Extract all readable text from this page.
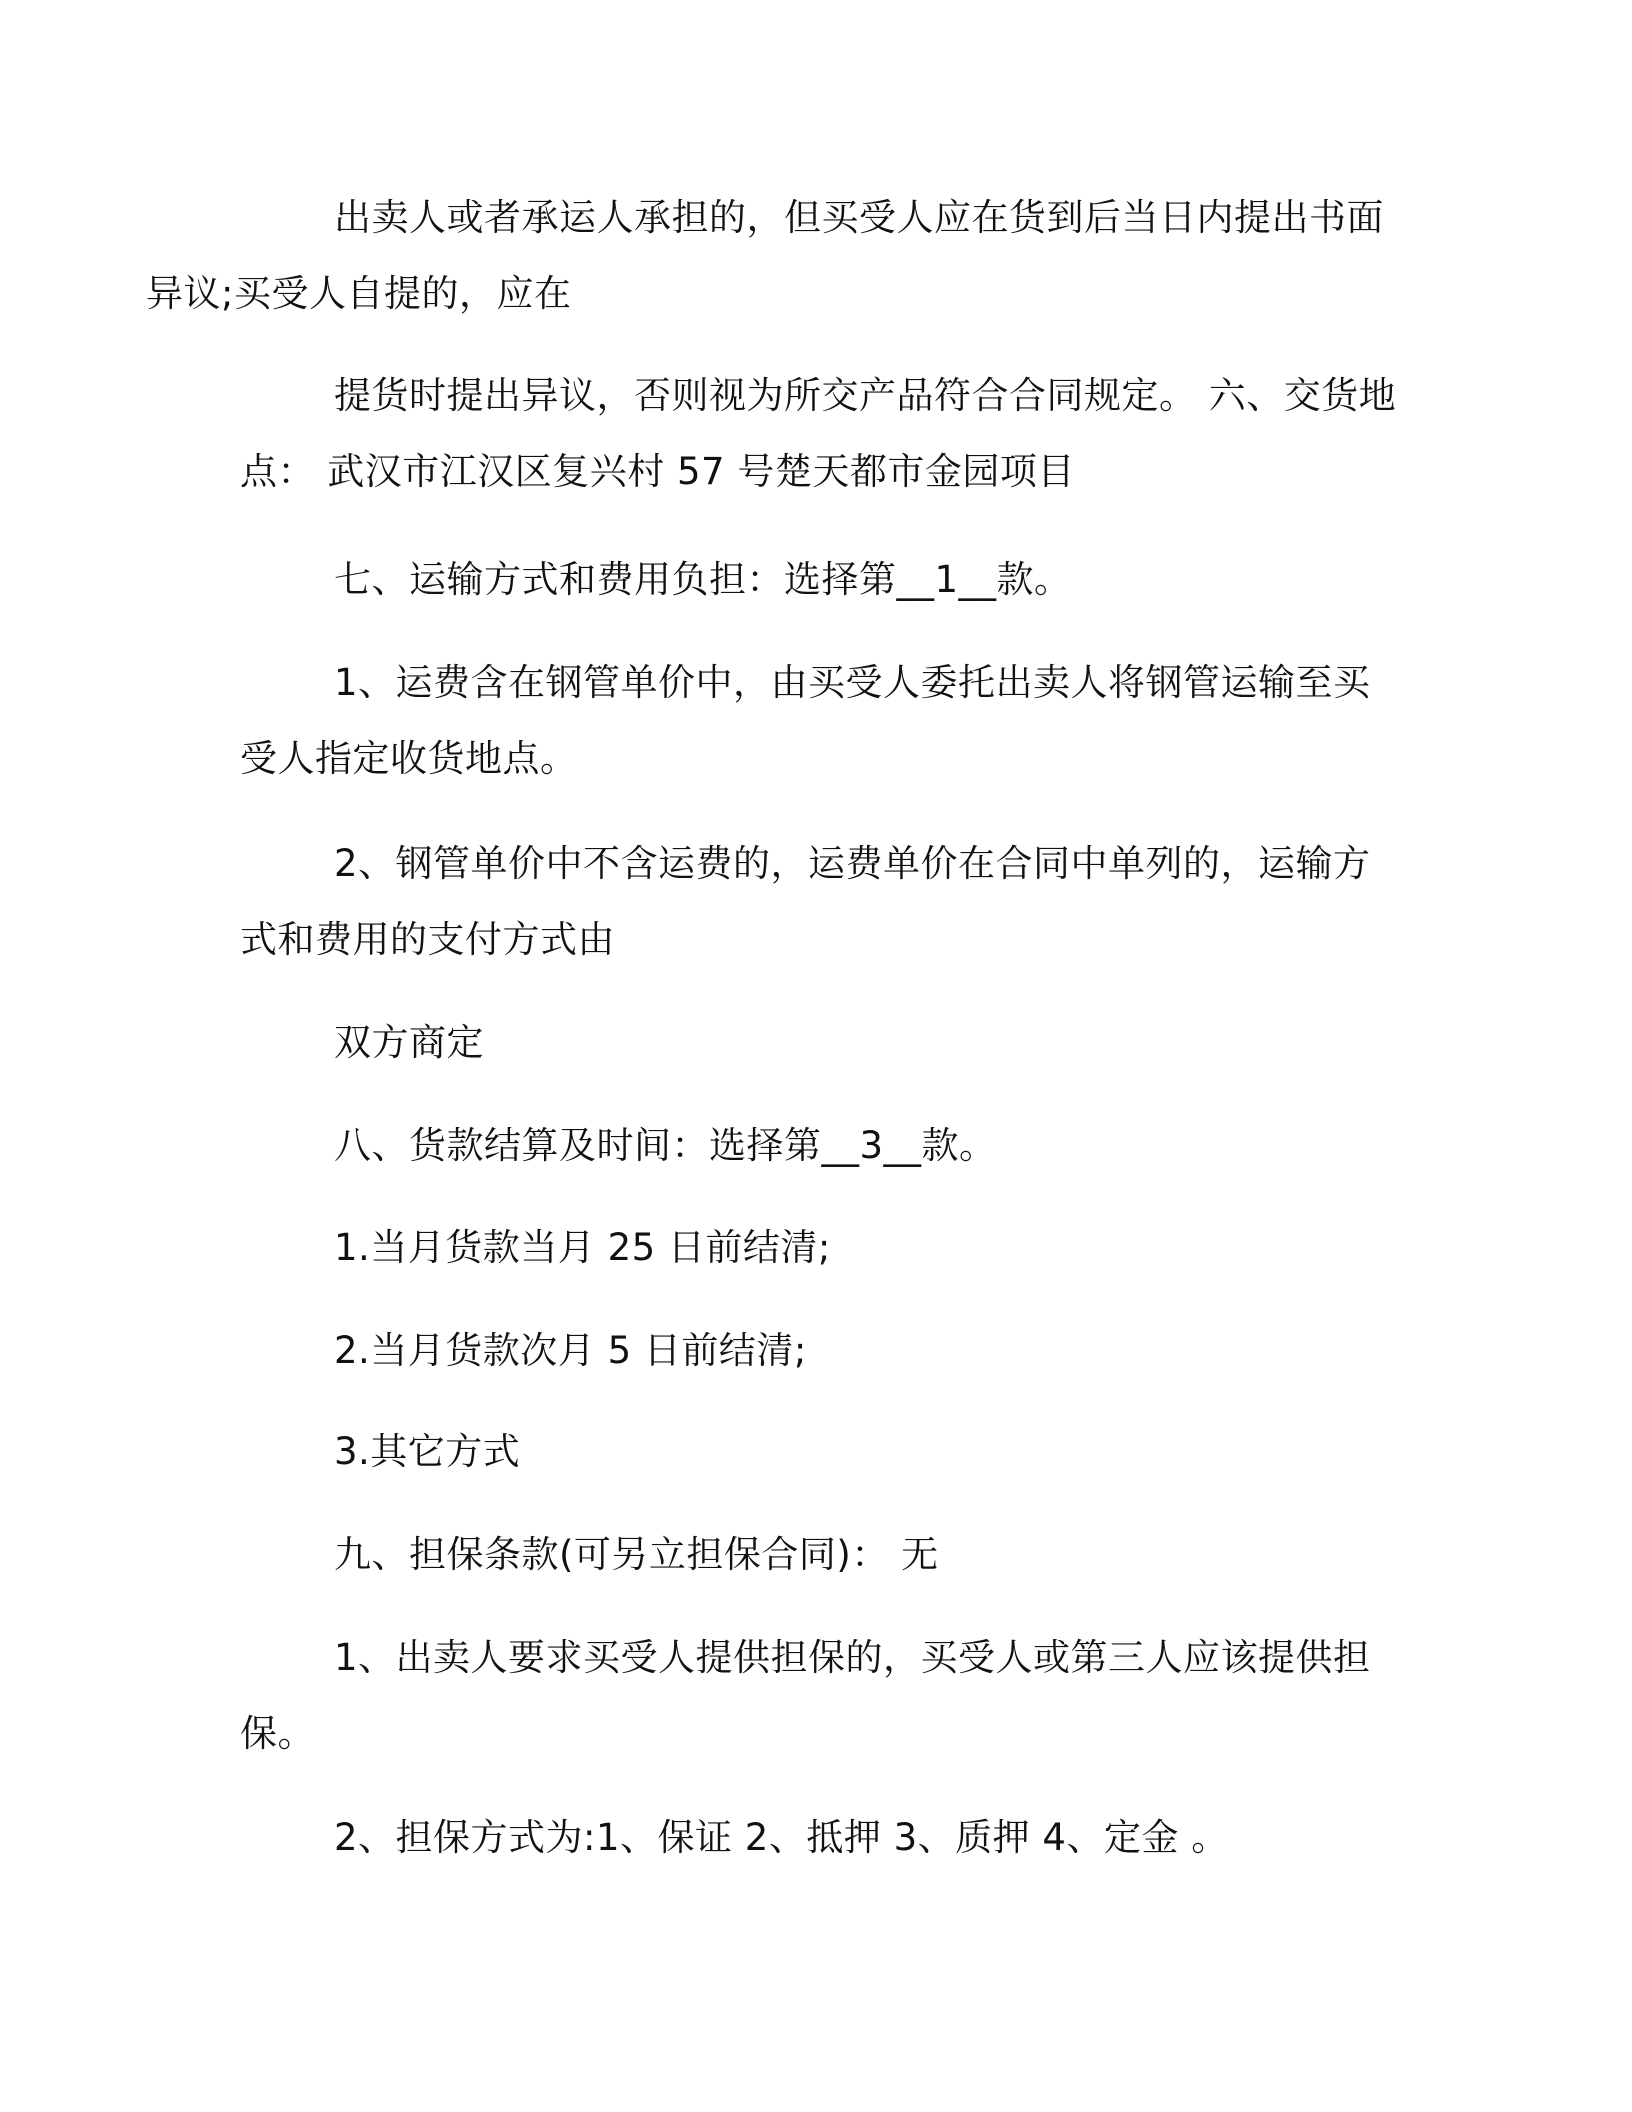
出卖人或者承运人承担的，但买受人应在货到后当日内提出书面
异议;买受人自提的，应在

提货时提出异议，否则视为所交产品符合合同规定。 六、交货地
点： 武汉市江汉区复兴村 57 号楚天都市金园项目

七、运输方式和费用负担：选择第__1__款。

1、运费含在钢管单价中，由买受人委托出卖人将钢管运输至买
受人指定收货地点。

2、钢管单价中不含运费的，运费单价在合同中单列的，运输方
式和费用的支付方式由

双方商定

八、货款结算及时间：选择第__3__款。

1.当月货款当月 25 日前结清;

2.当月货款次月 5 日前结清;

3.其它方式

九、担保条款(可另立担保合同)： 无

1、出卖人要求买受人提供担保的，买受人或第三人应该提供担
保。

2、担保方式为:1、保证 2、抵押 3、质押 4、定金 。
